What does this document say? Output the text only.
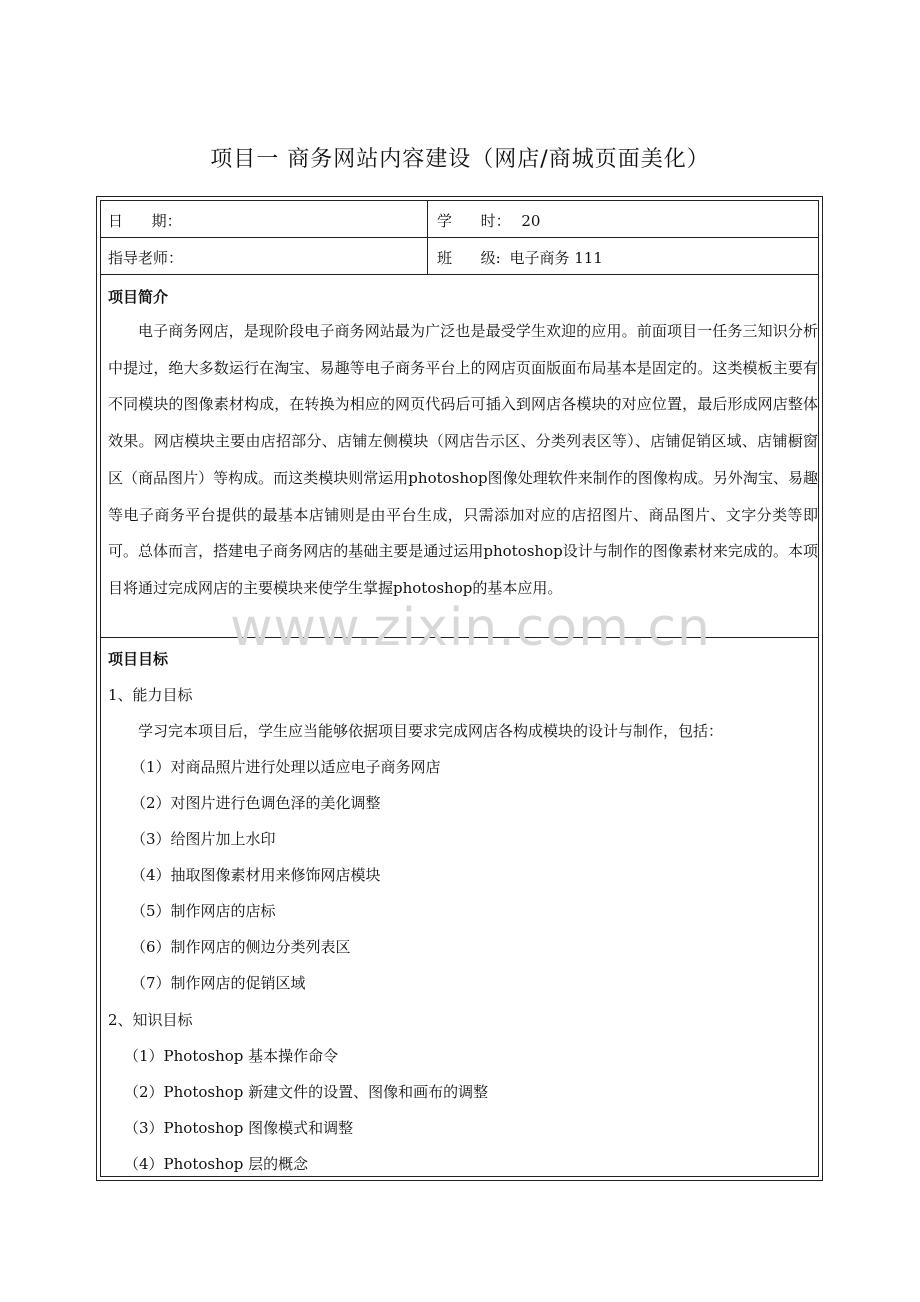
项目一 商务网站内容建设（网店/商城页面美化）
日      期：	学      时： 20
指导老师：	班      级: 电子商务 111
项目简介
电子商务网店，是现阶段电子商务网站最为广泛也是最受学生欢迎的应用。前面项目一任务三知识分析中提过，绝大多数运行在淘宝、易趣等电子商务平台上的网店页面版面布局基本是固定的。这类模板主要有不同模块的图像素材构成，在转换为相应的网页代码后可插入到网店各模块的对应位置，最后形成网店整体效果。网店模块主要由店招部分、店铺左侧模块（网店告示区、分类列表区等）、店铺促销区域、店铺橱窗区（商品图片）等构成。而这类模块则常运用photoshop图像处理软件来制作的图像构成。另外淘宝、易趣等电子商务平台提供的最基本店铺则是由平台生成，只需添加对应的店招图片、商品图片、文字分类等即可。总体而言，搭建电子商务网店的基础主要是通过运用photoshop设计与制作的图像素材来完成的。本项目将通过完成网店的主要模块来使学生掌握photoshop的基本应用。
项目目标
1、能力目标
学习完本项目后，学生应当能够依据项目要求完成网店各构成模块的设计与制作，包括：
（1）对商品照片进行处理以适应电子商务网店
（2）对图片进行色调色泽的美化调整
（3）给图片加上水印
（4）抽取图像素材用来修饰网店模块
（5）制作网店的店标
（6）制作网店的侧边分类列表区
（7）制作网店的促销区域
2、知识目标
（1）Photoshop 基本操作命令
（2）Photoshop 新建文件的设置、图像和画布的调整
（3）Photoshop 图像模式和调整
（4）Photoshop 层的概念
www.zixin.com.cn
